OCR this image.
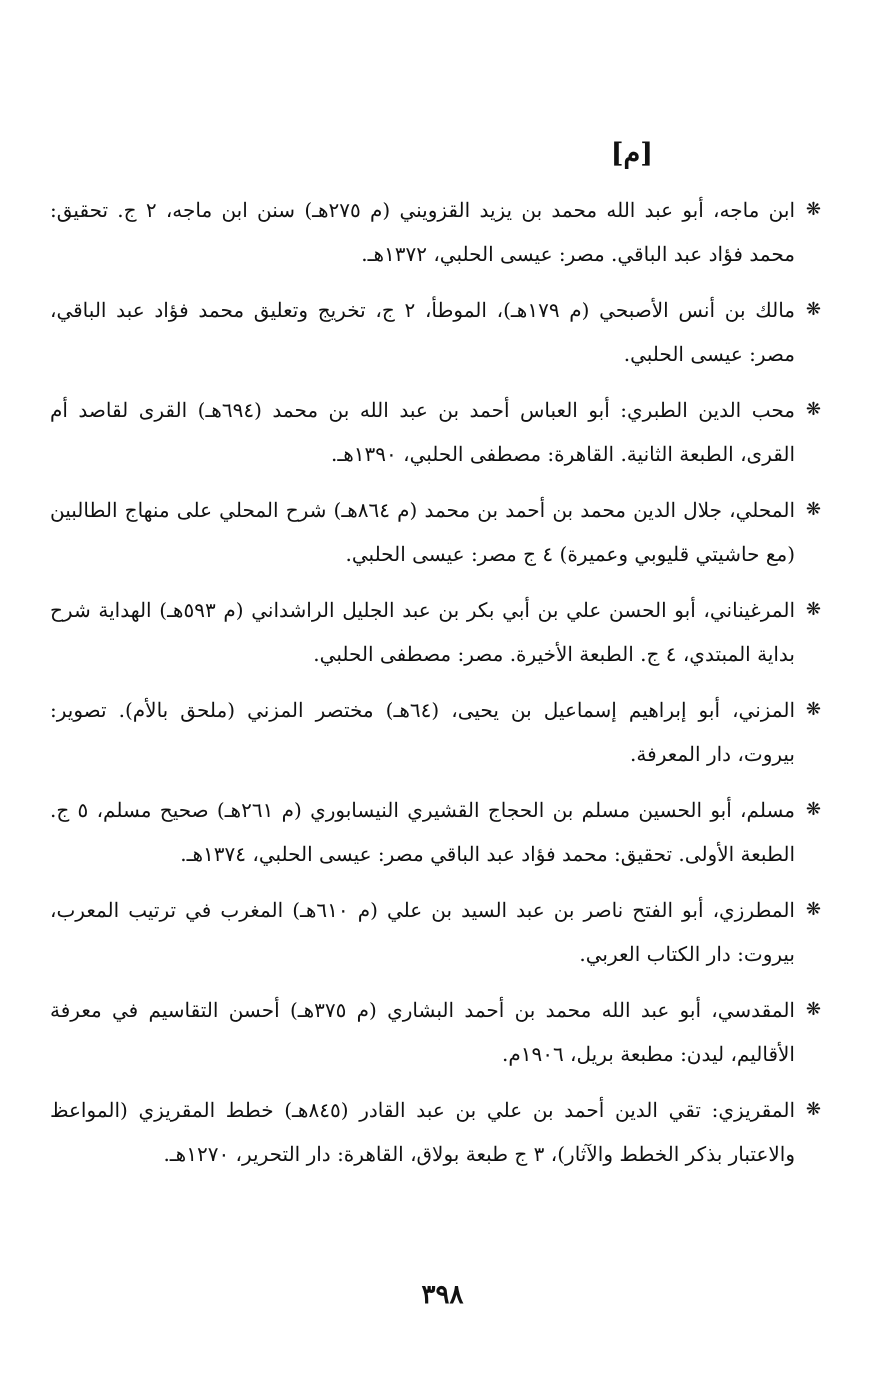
[م]

❋
ابن ماجه، أبو عبد الله محمد بن يزيد القزويني (م ٢٧٥هـ) سنن ابن ماجه، ٢ ج. تحقيق: محمد فؤاد عبد الباقي. مصر: عيسى الحلبي، ١٣٧٢هـ.

❋
مالك بن أنس الأصبحي (م ١٧٩هـ)، الموطأ، ٢ ج، تخريج وتعليق محمد فؤاد عبد الباقي، مصر: عيسى الحلبي.

❋
محب الدين الطبري: أبو العباس أحمد بن عبد الله بن محمد (٦٩٤هـ) القرى لقاصد أم القرى، الطبعة الثانية. القاهرة: مصطفى الحلبي، ١٣٩٠هـ.

❋
المحلي، جلال الدين محمد بن أحمد بن محمد (م ٨٦٤هـ) شرح المحلي على منهاج الطالبين (مع حاشيتي قليوبي وعميرة) ٤ ج مصر: عيسى الحلبي.

❋
المرغيناني، أبو الحسن علي بن أبي بكر بن عبد الجليل الراشداني (م ٥٩٣هـ) الهداية شرح بداية المبتدي، ٤ ج. الطبعة الأخيرة. مصر: مصطفى الحلبي.

❋
المزني، أبو إبراهيم إسماعيل بن يحيى، (٦٤هـ) مختصر المزني (ملحق بالأم). تصوير: بيروت، دار المعرفة.

❋
مسلم، أبو الحسين مسلم بن الحجاج القشيري النيسابوري (م ٢٦١هـ) صحيح مسلم، ٥ ج. الطبعة الأولى. تحقيق: محمد فؤاد عبد الباقي مصر: عيسى الحلبي، ١٣٧٤هـ.

❋
المطرزي، أبو الفتح ناصر بن عبد السيد بن علي (م ٦١٠هـ) المغرب في ترتيب المعرب، بيروت: دار الكتاب العربي.

❋
المقدسي، أبو عبد الله محمد بن أحمد البشاري (م ٣٧٥هـ) أحسن التقاسيم في معرفة الأقاليم، ليدن: مطبعة بريل، ١٩٠٦م.

❋
المقريزي: تقي الدين أحمد بن علي بن عبد القادر (٨٤٥هـ) خطط المقريزي (المواعظ والاعتبار بذكر الخطط والآثار)، ٣ ج طبعة بولاق، القاهرة: دار التحرير، ١٢٧٠هـ.

٣٩٨
